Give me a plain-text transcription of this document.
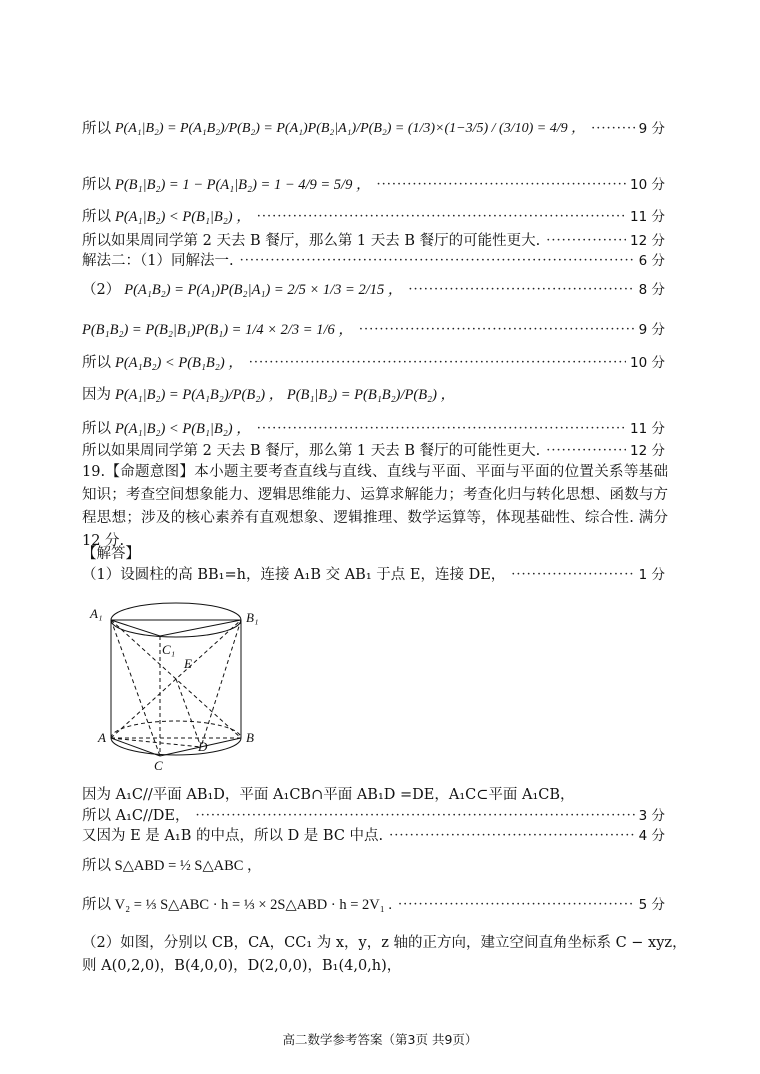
所以 P(A₁|B₂) = P(A₁B₂)/P(B₂) = P(A₁)P(B₂|A₁)/P(B₂) = (1/3)×(1−3/5) / (3/10) = 4/9 ， ·····	9 分
所以 P(B₁|B₂) = 1 − P(A₁|B₂) = 1 − 4/9 = 5/9 ， ·····	10 分
所以 P(A₁|B₂) < P(B₁|B₂) ， ·····	11 分
所以如果周同学第 2 天去 B 餐厅，那么第 1 天去 B 餐厅的可能性更大. ·····	12 分
解法二：（1）同解法一. ·····	6 分
（2） P(A₁B₂) = P(A₁)P(B₂|A₁) = 2/5 × 1/3 = 2/15 ， ·····	8 分
P(B₁B₂) = P(B₂|B₁)P(B₁) = 1/4 × 2/3 = 1/6 ， ·····	9 分
所以 P(A₁B₂) < P(B₁B₂) ， ·····	10 分
因为 P(A₁|B₂) = P(A₁B₂)/P(B₂) ， P(B₁|B₂) = P(B₁B₂)/P(B₂) ，
所以 P(A₁|B₂) < P(B₁|B₂) ， ·····	11 分
所以如果周同学第 2 天去 B 餐厅，那么第 1 天去 B 餐厅的可能性更大. ·····	12 分
19.【命题意图】本小题主要考查直线与直线、直线与平面、平面与平面的位置关系等基础知识；考查空间想象能力、逻辑思维能力、运算求解能力；考查化归与转化思想、函数与方程思想；涉及的核心素养有直观想象、逻辑推理、数学运算等，体现基础性、综合性. 满分 12 分.
【解答】
（1）设圆柱的高 BB₁=h，连接 A₁B 交 AB₁ 于点 E，连接 DE， ·····	1 分
A₁	B₁
C₁
E
A	B
C
D
因为 A₁C//平面 AB₁D，平面 A₁CB∩平面 AB₁D =DE，A₁C⊂平面 A₁CB，
所以 A₁C//DE， ·····	3 分
又因为 E 是 A₁B 的中点，所以 D 是 BC 中点. ·····	4 分
所以 S△ABD = ½ S△ABC ，
所以 V₂ = ⅓ S△ABC · h = ⅓ × 2S△ABD · h = 2V₁ . ·····	5 分
（2）如图，分别以 CB，CA，CC₁ 为 x，y，z 轴的正方向，建立空间直角坐标系 C − xyz，
则 A(0,2,0)，B(4,0,0)，D(2,0,0)，B₁(4,0,h)，
高二数学参考答案（第3页 共9页）
